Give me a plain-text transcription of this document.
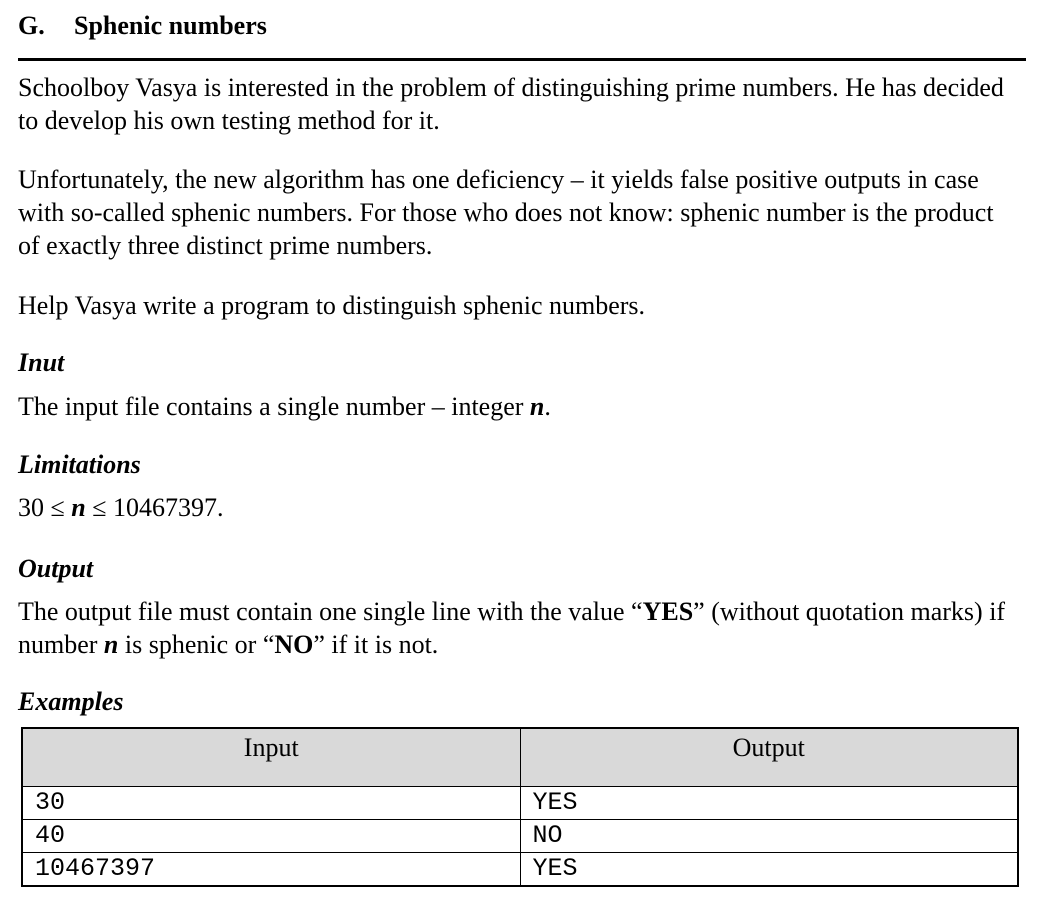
G. Sphenic numbers

Schoolboy Vasya is interested in the problem of distinguishing prime numbers. He has decided to develop his own testing method for it.

Unfortunately, the new algorithm has one deficiency – it yields false positive outputs in case with so-called sphenic numbers. For those who does not know: sphenic number is the product of exactly three distinct prime numbers.

Help Vasya write a program to distinguish sphenic numbers.

Inut

The input file contains a single number – integer n.

Limitations

30 ≤ n ≤ 10467397.

Output

The output file must contain one single line with the value “YES” (without quotation marks) if number n is sphenic or “NO” if it is not.

Examples
Input	Output
30	YES
40	NO
10467397	YES
